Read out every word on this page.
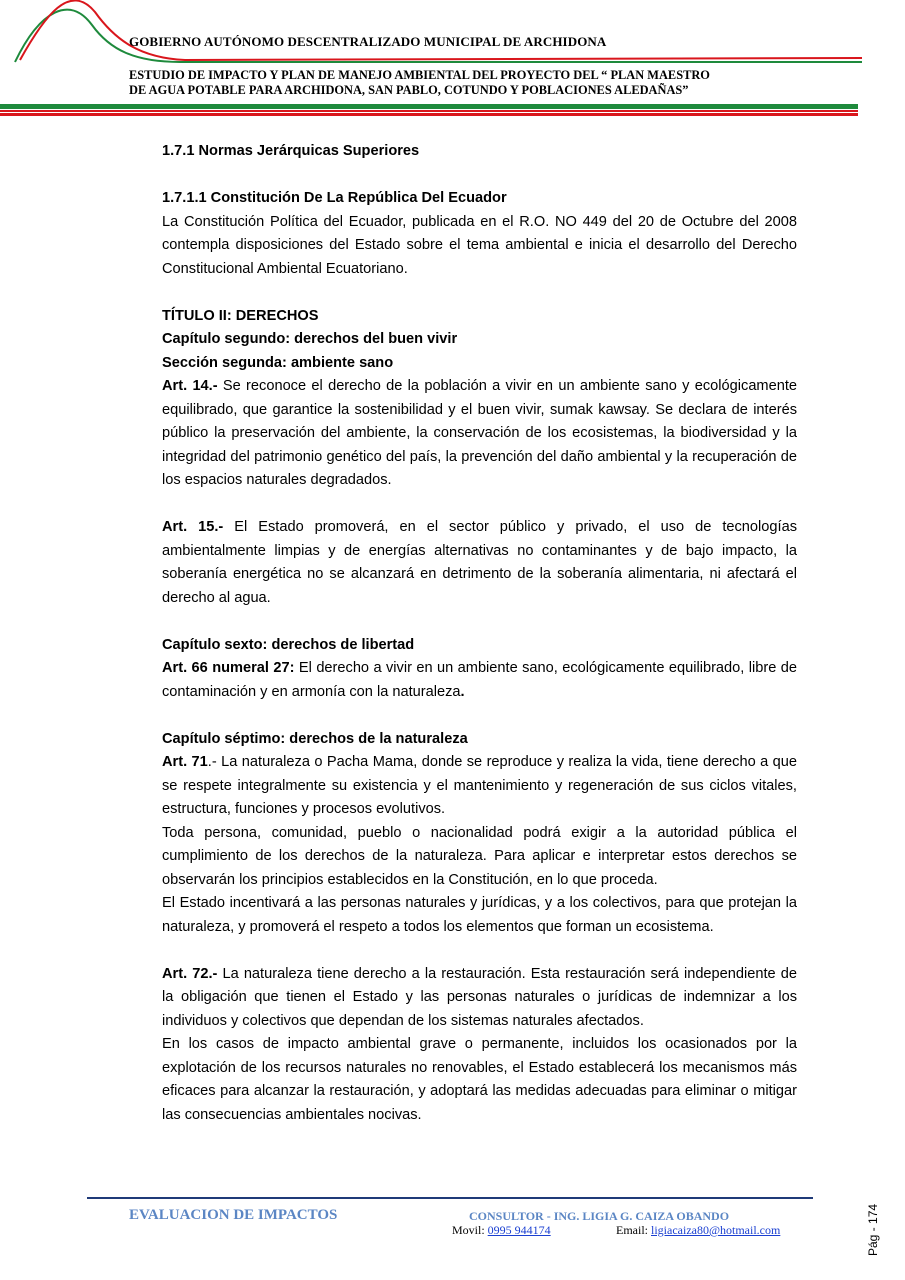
GOBIERNO AUTÓNOMO DESCENTRALIZADO MUNICIPAL DE ARCHIDONA
ESTUDIO DE IMPACTO Y PLAN DE MANEJO AMBIENTAL DEL PROYECTO DEL “ PLAN MAESTRO
DE AGUA POTABLE PARA ARCHIDONA, SAN PABLO, COTUNDO Y POBLACIONES ALEDAÑAS”

1.7.1 Normas Jerárquicas Superiores

1.7.1.1 Constitución De La República Del Ecuador

La Constitución Política del Ecuador, publicada en el R.O. NO 449 del 20 de Octubre del 2008 contempla disposiciones del Estado sobre el tema ambiental e inicia el desarrollo del Derecho Constitucional Ambiental Ecuatoriano.

TÍTULO II: DERECHOS

Capítulo segundo: derechos del buen vivir

Sección segunda: ambiente sano

Art. 14.- Se reconoce el derecho de la población a vivir en un ambiente sano y ecológicamente equilibrado, que garantice la sostenibilidad y el buen vivir, sumak kawsay. Se declara de interés público la preservación del ambiente, la conservación de los ecosistemas, la biodiversidad y la integridad del patrimonio genético del país, la prevención del daño ambiental y la recuperación de los espacios naturales degradados.

Art. 15.- El Estado promoverá, en el sector público y privado, el uso de tecnologías ambientalmente limpias y de energías alternativas no contaminantes y de bajo impacto, la soberanía energética no se alcanzará en detrimento de la soberanía alimentaria, ni afectará el derecho al agua.

Capítulo sexto: derechos de libertad

Art. 66 numeral 27: El derecho a vivir en un ambiente sano, ecológicamente equilibrado, libre de contaminación y en armonía con la naturaleza.

Capítulo séptimo: derechos de la naturaleza

Art. 71.- La naturaleza o Pacha Mama, donde se reproduce y realiza la vida, tiene derecho a que se respete integralmente su existencia y el mantenimiento y regeneración de sus ciclos vitales, estructura, funciones y procesos evolutivos.

Toda persona, comunidad, pueblo o nacionalidad podrá exigir a la autoridad pública el cumplimiento de los derechos de la naturaleza. Para aplicar e interpretar estos derechos se observarán los principios establecidos en la Constitución, en lo que proceda.

El Estado incentivará a las personas naturales y jurídicas, y a los colectivos, para que protejan la naturaleza, y promoverá el respeto a todos los elementos que forman un ecosistema.

Art. 72.- La naturaleza tiene derecho a la restauración. Esta restauración será independiente de la obligación que tienen el Estado y las personas naturales o jurídicas de indemnizar a los individuos y colectivos que dependan de los sistemas naturales afectados.

En los casos de impacto ambiental grave o permanente, incluidos los ocasionados por la explotación de los recursos naturales no renovables, el Estado establecerá los mecanismos más eficaces para alcanzar la restauración, y adoptará las medidas adecuadas para eliminar o mitigar las consecuencias ambientales nocivas.

EVALUACION DE IMPACTOS	CONSULTOR - ING. LIGIA G. CAIZA OBANDO
Movil: 0995 944174	Email: ligiacaiza80@hotmail.com	Pág - 174
